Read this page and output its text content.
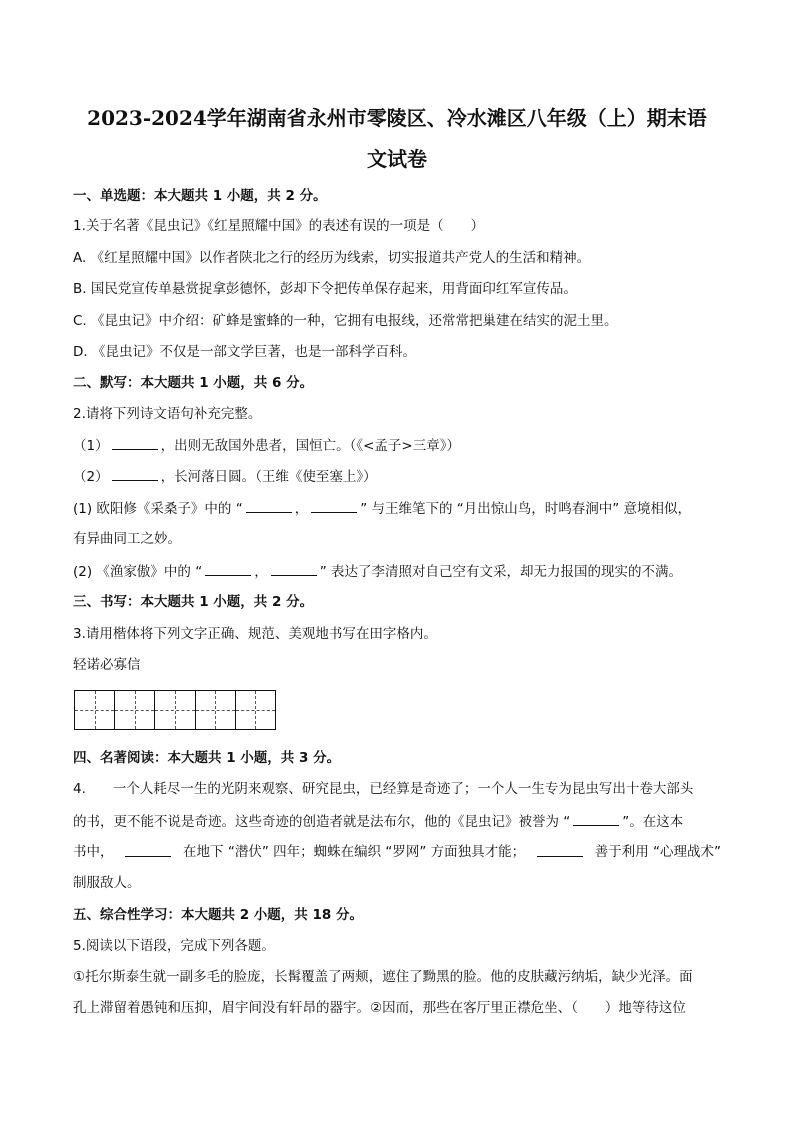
2023-2024学年湖南省永州市零陵区、冷水滩区八年级（上）期末语
文试卷
一、单选题：本大题共 1 小题，共 2 分。
1.关于名著《昆虫记》《红星照耀中国》的表述有误的一项是（　　）
A. 《红星照耀中国》以作者陕北之行的经历为线索，切实报道共产党人的生活和精神。
B. 国民党宣传单悬赏捉拿彭德怀，彭却下令把传单保存起来，用背面印红军宣传品。
C. 《昆虫记》中介绍：矿蜂是蜜蜂的一种，它拥有电报线，还常常把巢建在结实的泥土里。
D. 《昆虫记》不仅是一部文学巨著，也是一部科学百科。
二、默写：本大题共 1 小题，共 6 分。
2.请将下列诗文语句补充完整。
（1）	，出则无敌国外患者，国恒亡。（《<孟子>三章》）
（2）	，长河落日圆。（王维《使至塞上》）
(1) 欧阳修《采桑子》中的 “	，	” 与王维笔下的 “月出惊山鸟，时鸣春涧中” 意境相似，
有异曲同工之妙。
(2) 《渔家傲》中的 “	，	” 表达了李清照对自己空有文采，却无力报国的现实的不满。
三、书写：本大题共 1 小题，共 2 分。
3.请用楷体将下列文字正确、规范、美观地书写在田字格内。
轻诺必寡信
四、名著阅读：本大题共 1 小题，共 3 分。
4.　　一个人耗尽一生的光阴来观察、研究昆虫，已经算是奇迹了；一个人一生专为昆虫写出十卷大部头
的书，更不能不说是奇迹。这些奇迹的创造者就是法布尔，他的《昆虫记》被誉为 “	”。在这本
书中，	在地下 “潜伏” 四年；蜘蛛在编织 “罗网” 方面独具才能；	善于利用 “心理战术”
制服敌人。
五、综合性学习：本大题共 2 小题，共 18 分。
5.阅读以下语段，完成下列各题。
①托尔斯泰生就一副多毛的脸庞，长髯覆盖了两颊，遮住了黝黑的脸。他的皮肤藏污纳垢，缺少光泽。面
孔上滞留着愚钝和压抑，眉宇间没有轩昂的器宇。②因而，那些在客厅里正襟危坐、（　　）地等待这位
